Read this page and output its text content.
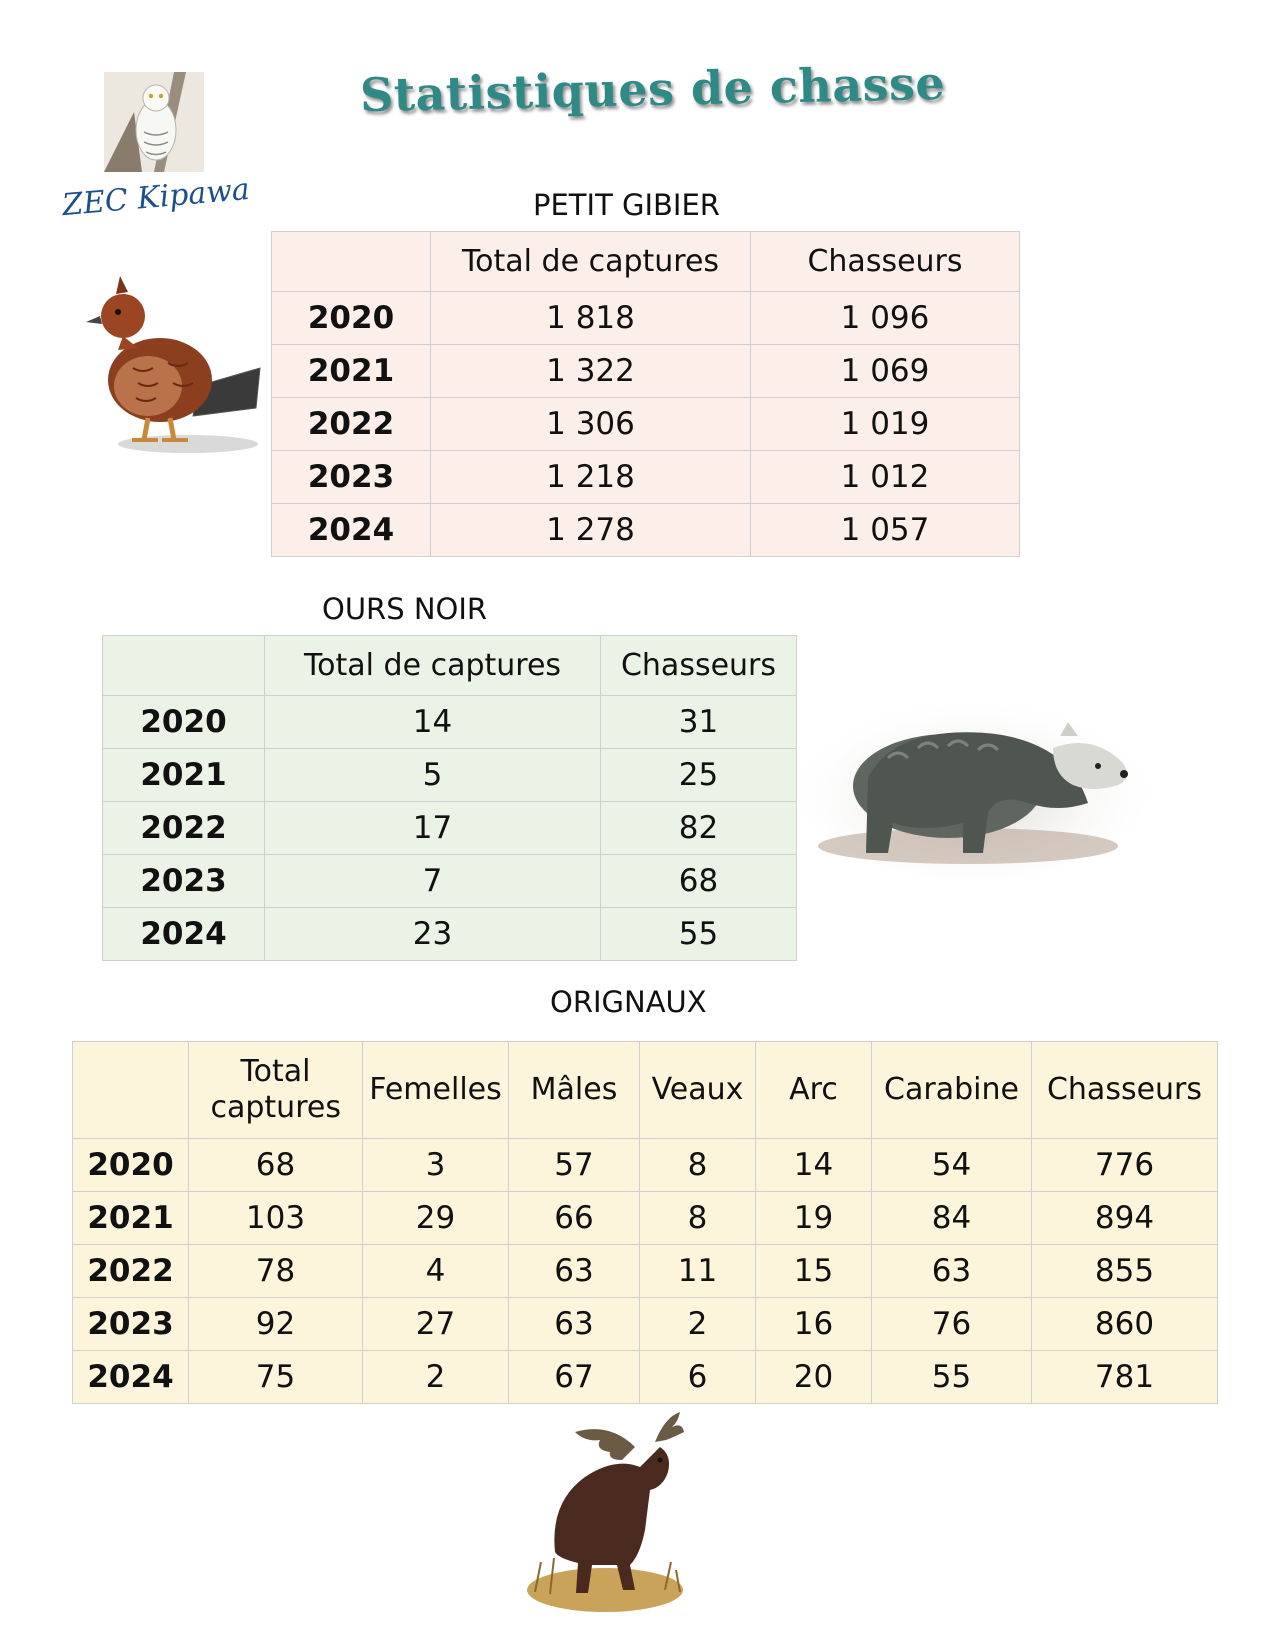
ZEC Kipawa
Statistiques de chasse
PETIT GIBIER
	Total de captures	Chasseurs
2020	1 818	1 096
2021	1 322	1 069
2022	1 306	1 019
2023	1 218	1 012
2024	1 278	1 057
OURS NOIR
	Total de captures	Chasseurs
2020	14	31
2021	5	25
2022	17	82
2023	7	68
2024	23	55
ORIGNAUX
	Total captures	Femelles	Mâles	Veaux	Arc	Carabine	Chasseurs
2020	68	3	57	8	14	54	776
2021	103	29	66	8	19	84	894
2022	78	4	63	11	15	63	855
2023	92	27	63	2	16	76	860
2024	75	2	67	6	20	55	781
